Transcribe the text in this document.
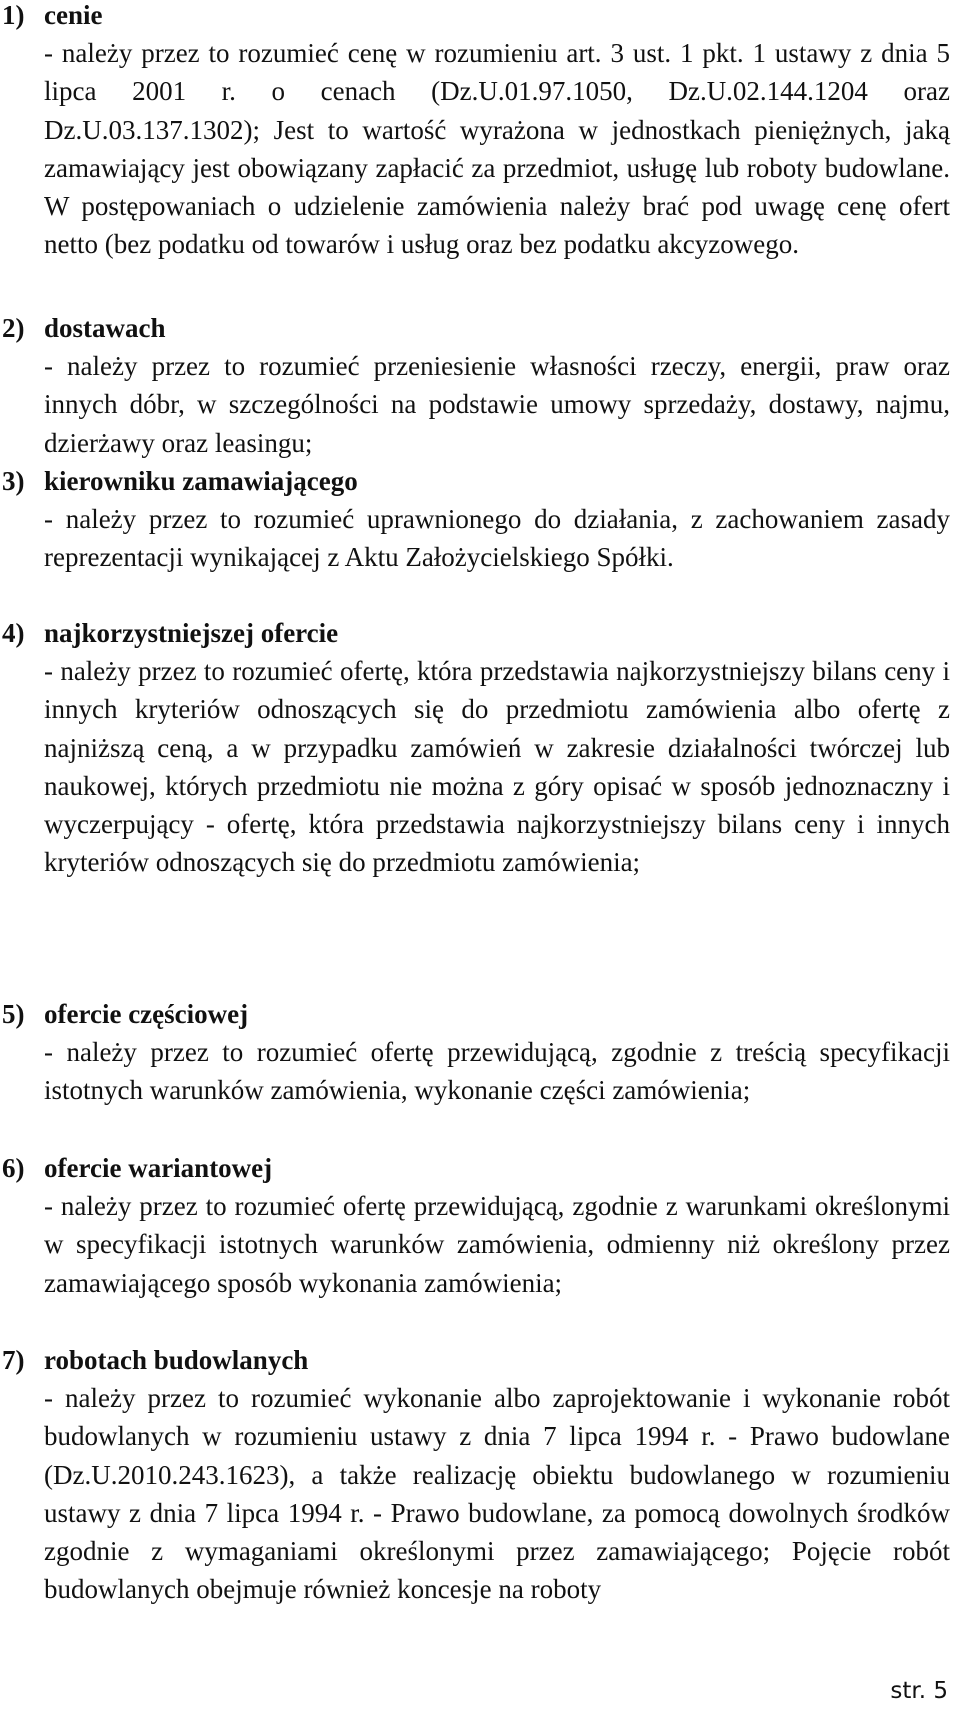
1) cenie

- należy przez to rozumieć cenę w rozumieniu art. 3 ust. 1 pkt. 1 ustawy z dnia 5 lipca 2001 r. o cenach (Dz.U.01.97.1050, Dz.U.02.144.1204 oraz Dz.U.03.137.1302); Jest to wartość wyrażona w jednostkach pieniężnych, jaką zamawiający jest obowiązany zapłacić za przedmiot, usługę lub roboty budowlane. W postępowaniach o udzielenie zamówienia należy brać pod uwagę cenę ofert netto (bez podatku od towarów i usług oraz bez podatku akcyzowego.

2) dostawach

- należy przez to rozumieć przeniesienie własności rzeczy, energii, praw oraz innych dóbr, w szczególności na podstawie umowy sprzedaży, dostawy, najmu, dzierżawy oraz leasingu;

3) kierowniku zamawiającego

- należy przez to rozumieć uprawnionego do działania, z zachowaniem zasady reprezentacji wynikającej z Aktu Założycielskiego Spółki.

4) najkorzystniejszej ofercie

- należy przez to rozumieć ofertę, która przedstawia najkorzystniejszy bilans ceny i innych kryteriów odnoszących się do przedmiotu zamówienia albo ofertę z najniższą ceną, a w przypadku zamówień w zakresie działalności twórczej lub naukowej, których przedmiotu nie można z góry opisać w sposób jednoznaczny i wyczerpujący - ofertę, która przedstawia najkorzystniejszy bilans ceny i innych kryteriów odnoszących się do przedmiotu zamówienia;

5) ofercie częściowej

- należy przez to rozumieć ofertę przewidującą, zgodnie z treścią specyfikacji istotnych warunków zamówienia, wykonanie części zamówienia;

6) ofercie wariantowej

- należy przez to rozumieć ofertę przewidującą, zgodnie z warunkami określonymi w specyfikacji istotnych warunków zamówienia, odmienny niż określony przez zamawiającego sposób wykonania zamówienia;

7) robotach budowlanych

- należy przez to rozumieć wykonanie albo zaprojektowanie i wykonanie robót budowlanych w rozumieniu ustawy z dnia 7 lipca 1994 r. - Prawo budowlane (Dz.U.2010.243.1623), a także realizację obiektu budowlanego w rozumieniu ustawy z dnia 7 lipca 1994 r. - Prawo budowlane, za pomocą dowolnych środków zgodnie z wymaganiami określonymi przez zamawiającego; Pojęcie robót budowlanych obejmuje również koncesje na roboty

str. 5
